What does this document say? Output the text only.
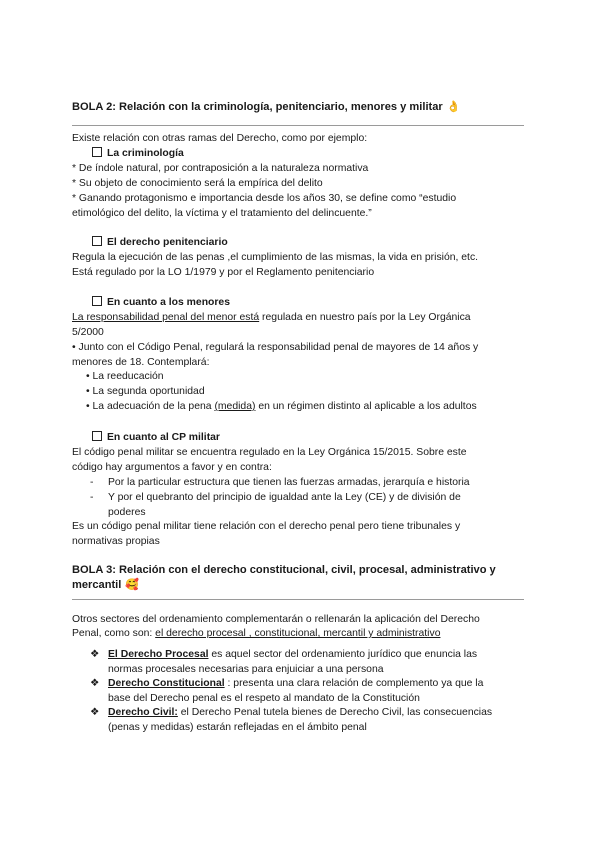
BOLA 2: Relación con la criminología, penitenciario, menores y militar 👌
Existe relación con otras ramas del Derecho, como por ejemplo:
La criminología
* De índole natural, por contraposición a la naturaleza normativa
* Su objeto de conocimiento será la empírica del delito
* Ganando protagonismo e importancia desde los años 30, se define como “estudio
etimológico del delito, la víctima y el tratamiento del delincuente.”
El derecho penitenciario
Regula la ejecución de las penas ,el cumplimiento de las mismas, la vida en prisión, etc.
Está regulado por la LO 1/1979 y por el Reglamento penitenciario
En cuanto a los menores
La responsabilidad penal del menor está regulada en nuestro país por la Ley Orgánica
5/2000
• Junto con el Código Penal, regulará la responsabilidad penal de mayores de 14 años y
menores de 18. Contemplará:
• La reeducación
• La segunda oportunidad
• La adecuación de la pena (medida) en un régimen distinto al aplicable a los adultos
En cuanto al CP militar
El código penal militar se encuentra regulado en la Ley Orgánica 15/2015. Sobre este
código hay argumentos a favor y en contra:
- Por la particular estructura que tienen las fuerzas armadas, jerarquía e historia
- Y por el quebranto del principio de igualdad ante la Ley (CE) y de división de
poderes
Es un código penal militar tiene relación con el derecho penal pero tiene tribunales y
normativas propias
BOLA 3: Relación con el derecho constitucional, civil, procesal, administrativo y
mercantil 🥰
Otros sectores del ordenamiento complementarán o rellenarán la aplicación del Derecho
Penal, como son: el derecho procesal , constitucional, mercantil y administrativo
❖ El Derecho Procesal es aquel sector del ordenamiento jurídico que enuncia las
normas procesales necesarias para enjuiciar a una persona
❖ Derecho Constitucional : presenta una clara relación de complemento ya que la
base del Derecho penal es el respeto al mandato de la Constitución
❖ Derecho Civil: el Derecho Penal tutela bienes de Derecho Civil, las consecuencias
(penas y medidas) estarán reflejadas en el ámbito penal
